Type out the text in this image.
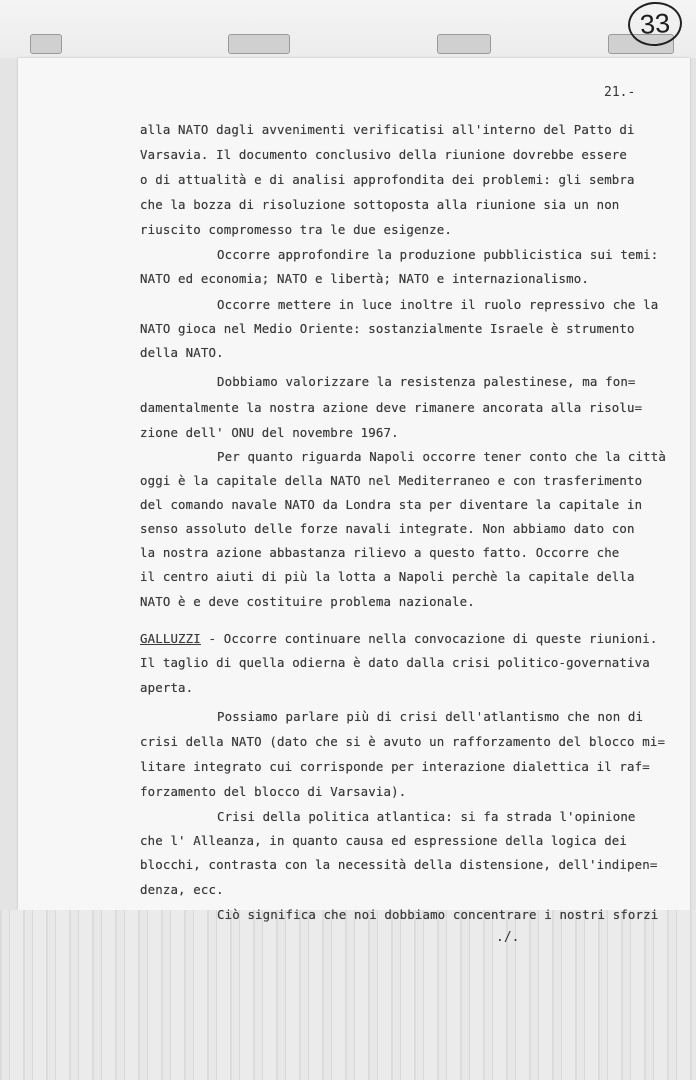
33
21.-
alla NATO dagli avvenimenti verificatisi all'interno del Patto di
Varsavia. Il documento conclusivo della riunione dovrebbe essere
o di attualità e di analisi approfondita dei problemi: gli sembra
che la bozza di risoluzione sottoposta alla riunione sia un non
riuscito compromesso tra le due esigenze.
Occorre approfondire la produzione pubblicistica sui temi:
NATO ed economia; NATO e libertà; NATO e internazionalismo.
Occorre mettere in luce inoltre il ruolo repressivo che la
NATO gioca nel Medio Oriente: sostanzialmente Israele è strumento
della NATO.
Dobbiamo valorizzare la resistenza palestinese, ma fon=
damentalmente la nostra azione deve rimanere ancorata alla risolu=
zione dell' ONU del novembre 1967.
Per quanto riguarda Napoli occorre tener conto che la città
oggi è la capitale della NATO nel Mediterraneo e con trasferimento
del comando navale NATO da Londra sta per diventare la capitale in
senso assoluto delle forze navali integrate. Non abbiamo dato con
la nostra azione abbastanza rilievo a questo fatto. Occorre che
il centro aiuti di più la lotta a Napoli perchè la capitale della
NATO è e deve costituire problema nazionale.
GALLUZZI - Occorre continuare nella convocazione di queste riunioni.
Il taglio di quella odierna è dato dalla crisi politico-governativa
aperta.
Possiamo parlare più di crisi dell'atlantismo che non di
crisi della NATO (dato che si è avuto un rafforzamento del blocco mi=
litare integrato cui corrisponde per interazione dialettica il raf=
forzamento del blocco di Varsavia).
Crisi della politica atlantica: si fa strada l'opinione
che l' Alleanza, in quanto causa ed espressione della logica dei
blocchi, contrasta con la necessità della distensione, dell'indipen=
denza, ecc.
Ciò significa che noi dobbiamo concentrare i nostri sforzi
./.
